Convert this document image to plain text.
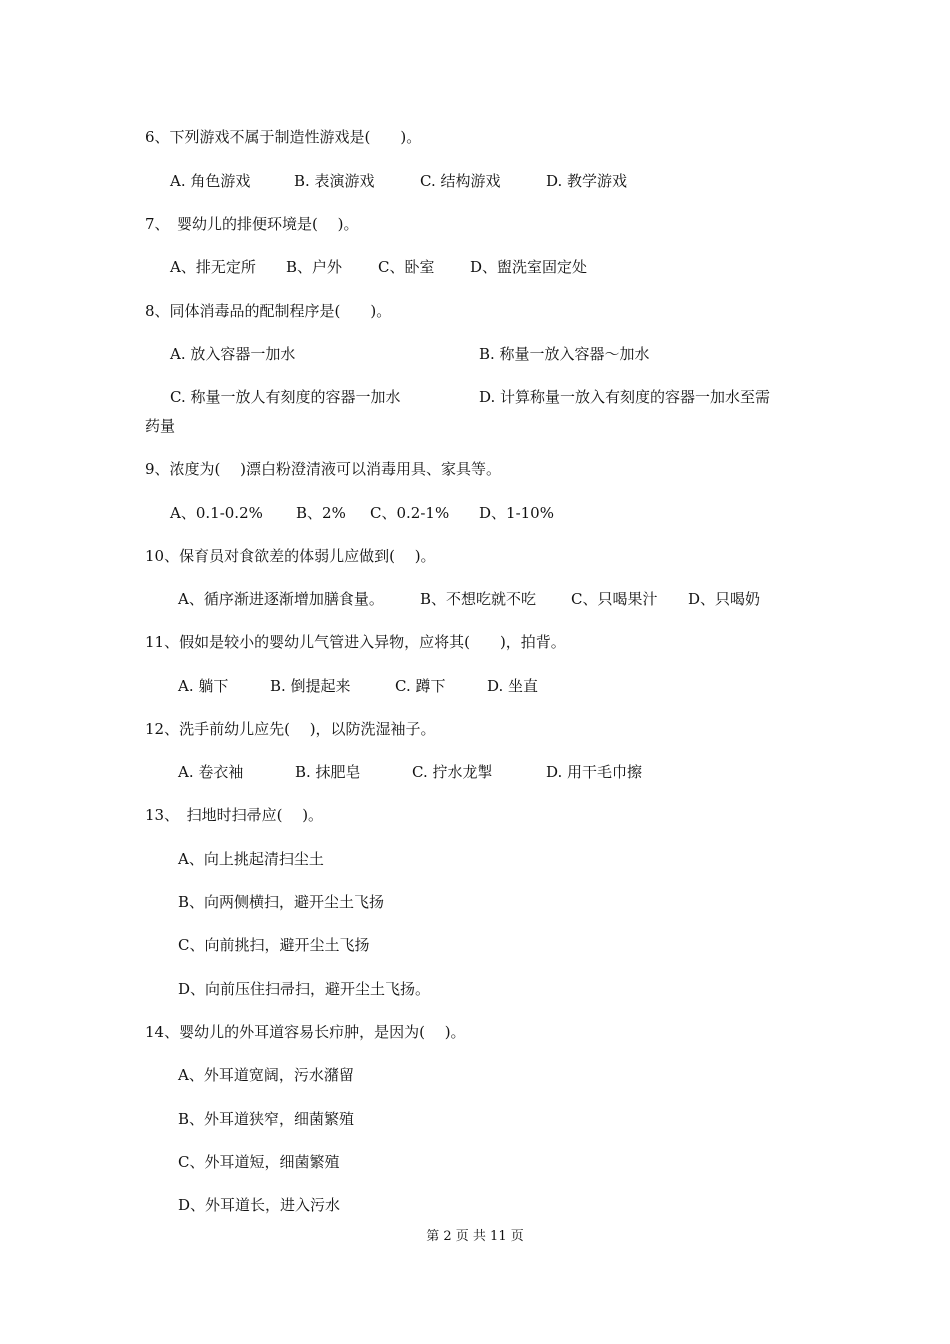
6、下列游戏不属于制造性游戏是(　　)。
A. 角色游戏	B. 表演游戏	C. 结构游戏	D. 教学游戏
7、　婴幼儿的排便环境是(　 )。
A、排无定所 B、户外 C、卧室 D、盥洗室固定处
8、同体消毒品的配制程序是(　　)。
A. 放入容器一加水	B. 称量一放入容器～加水
C. 称量一放人有刻度的容器一加水	D. 计算称量一放入有刻度的容器一加水至需
药量
9、浓度为(　 )漂白粉澄清液可以消毒用具、家具等。
A、0.1-0.2% B、2% C、0.2-1% D、1-10%
10、保育员对食欲差的体弱儿应做到(　 )。
A、循序渐进逐渐增加膳食量。 B、不想吃就不吃 C、只喝果汁 D、只喝奶
11、假如是较小的婴幼儿气管进入异物，应将其(　　)，拍背。
A. 躺下	B. 倒提起来	C. 蹲下	D. 坐直
12、洗手前幼儿应先(　 )，以防洗湿袖子。
A. 卷衣袖	B. 抹肥皂	C. 拧水龙掣	D. 用干毛巾擦
13、　扫地时扫帚应(　 )。
A、向上挑起清扫尘土
B、向两侧横扫，避开尘土飞扬
C、向前挑扫，避开尘土飞扬
D、向前压住扫帚扫，避开尘土飞扬。
14、婴幼儿的外耳道容易长疖肿，是因为(　 )。
A、外耳道宽阔，污水潴留
B、外耳道狭窄，细菌繁殖
C、外耳道短，细菌繁殖
D、外耳道长，进入污水
第 2 页 共 11 页
